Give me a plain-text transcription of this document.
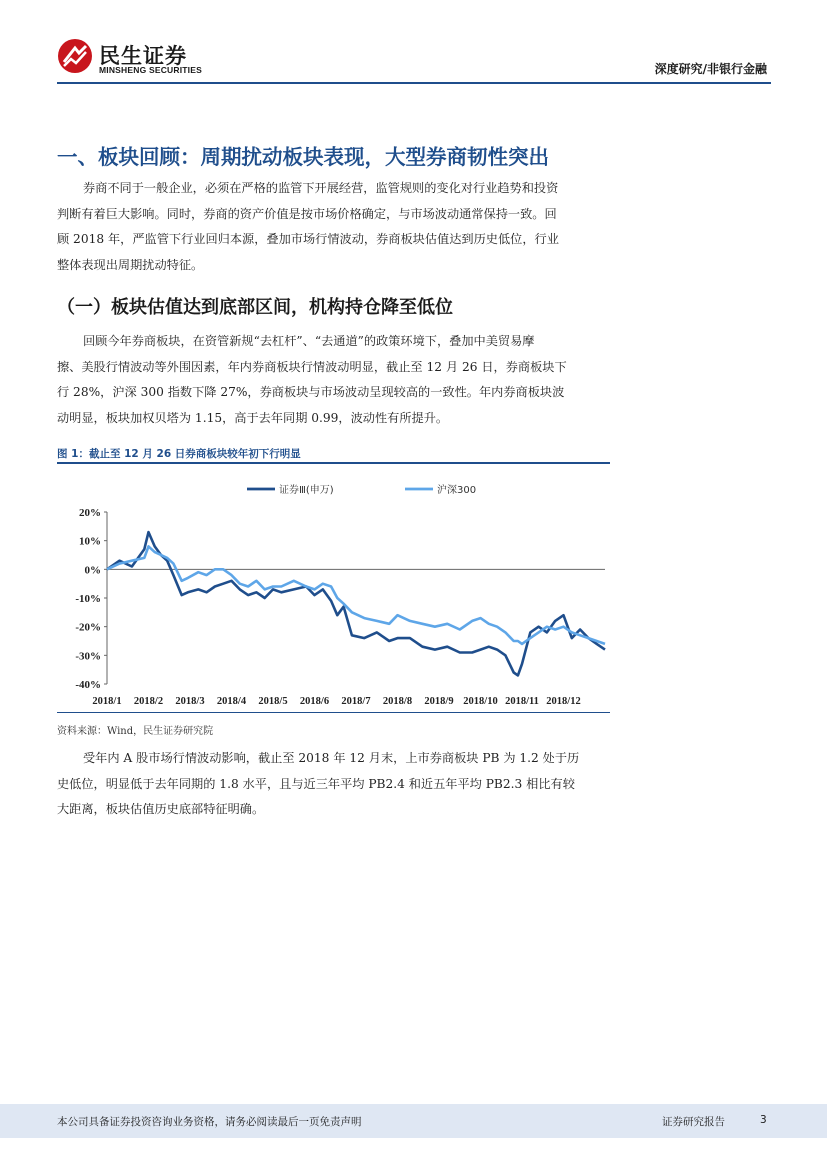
民生证券
MINSHENG SECURITIES	深度研究/非银行金融
一、板块回顾：周期扰动板块表现，大型券商韧性突出
券商不同于一般企业，必须在严格的监管下开展经营，监管规则的变化对行业趋势和投资
判断有着巨大影响。同时，券商的资产价值是按市场价格确定，与市场波动通常保持一致。回
顾 2018 年，严监管下行业回归本源，叠加市场行情波动，券商板块估值达到历史低位，行业
整体表现出周期扰动特征。
（一）板块估值达到底部区间，机构持仓降至低位
回顾今年券商板块，在资管新规“去杠杆”、“去通道”的政策环境下，叠加中美贸易摩
擦、美股行情波动等外围因素，年内券商板块行情波动明显，截止至 12 月 26 日，券商板块下
行 28%，沪深 300 指数下降 27%，券商板块与市场波动呈现较高的一致性。年内券商板块波
动明显，板块加权贝塔为 1.15，高于去年同期 0.99，波动性有所提升。
图 1：截止至 12 月 26 日券商板块较年初下行明显
20%
10%
0%
-10%
-20%
-30%
-40%
2018/1 2018/2 2018/3 2018/4 2018/5 2018/6 2018/7 2018/8 2018/9 2018/10 2018/11 2018/12
证券Ⅲ(申万)	沪深300
资料来源：Wind，民生证券研究院
受年内 A 股市场行情波动影响，截止至 2018 年 12 月末，上市券商板块 PB 为 1.2 处于历
史低位，明显低于去年同期的 1.8 水平，且与近三年平均 PB2.4 和近五年平均 PB2.3 相比有较
大距离，板块估值历史底部特征明确。
本公司具备证券投资咨询业务资格，请务必阅读最后一页免责声明	证券研究报告	3
